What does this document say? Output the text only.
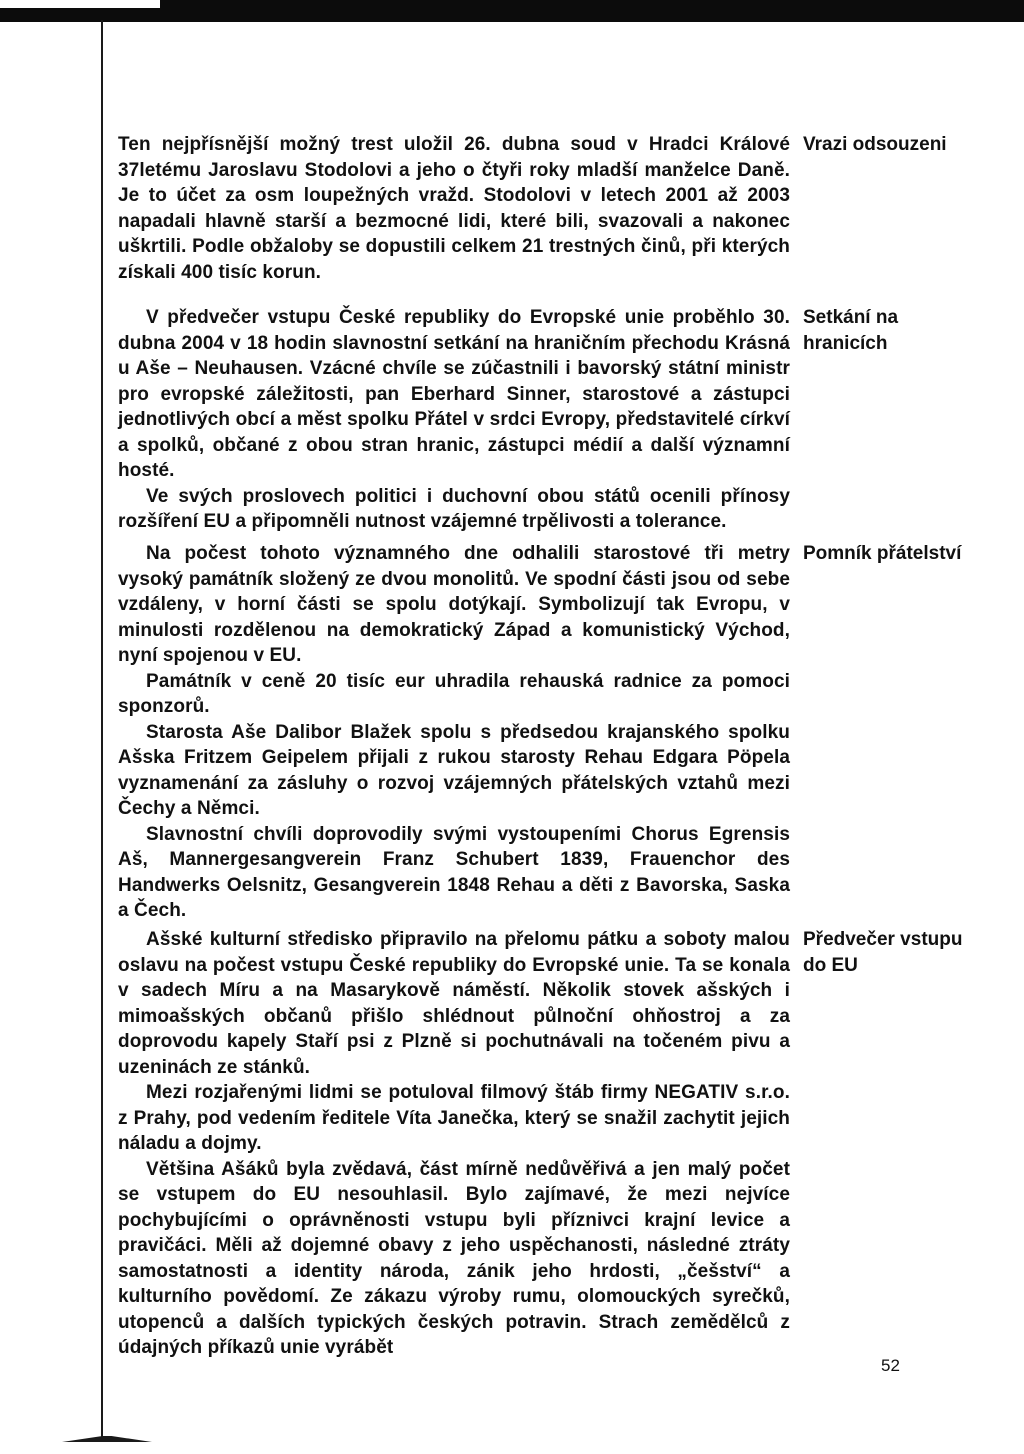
Ten nejpřísnější možný trest uložil 26. dubna soud v Hradci Králové 37letému Jaroslavu Stodolovi a jeho o čtyři roky mladší manželce Daně. Je to účet za osm loupežných vražd. Stodolovi v letech 2001 až 2003 napadali hlavně starší a bezmocné lidi, které bili, svazovali a nakonec uškrtili. Podle obžaloby se dopustili celkem 21 trestných činů, při kterých získali 400 tisíc korun.

Vrazi odsouzeni

V předvečer vstupu České republiky do Evropské unie proběhlo 30. dubna 2004 v 18 hodin slavnostní setkání na hraničním přechodu Krásná u Aše – Neuhausen. Vzácné chvíle se zúčastnili i bavorský státní ministr pro evropské záležitosti, pan Eberhard Sinner, starostové a zástupci jednotlivých obcí a měst spolku Přátel v srdci Evropy, představitelé církví a spolků, občané z obou stran hranic, zástupci médií a další významní hosté.

Ve svých proslovech politici i duchovní obou států ocenili přínosy rozšíření EU a připomněli nutnost vzájemné trpělivosti a tolerance.

Setkání na hranicích

Na počest tohoto významného dne odhalili starostové tři metry vysoký památník složený ze dvou monolitů. Ve spodní části jsou od sebe vzdáleny, v horní části se spolu dotýkají. Symbolizují tak Evropu, v minulosti rozdělenou na demokratický Západ a komunistický Východ, nyní spojenou v EU.

Památník v ceně 20 tisíc eur uhradila rehauská radnice za pomoci sponzorů.

Starosta Aše Dalibor Blažek spolu s předsedou krajanského spolku Ašska Fritzem Geipelem přijali z rukou starosty Rehau Edgara Pöpela vyznamenání za zásluhy o rozvoj vzájemných přátelských vztahů mezi Čechy a Němci.

Slavnostní chvíli doprovodily svými vystoupeními Chorus Egrensis Aš, Mannergesangverein Franz Schubert 1839, Frauenchor des Handwerks Oelsnitz, Gesangverein 1848 Rehau a děti z Bavorska, Saska a Čech.

Pomník přátelství

Ašské kulturní středisko připravilo na přelomu pátku a soboty malou oslavu na počest vstupu České republiky do Evropské unie. Ta se konala v sadech Míru a na Masarykově náměstí. Několik stovek ašských i mimoašských občanů přišlo shlédnout půlnoční ohňostroj a za doprovodu kapely Staří psi z Plzně si pochutnávali na točeném pivu a uzeninách ze stánků.

Mezi rozjařenými lidmi se potuloval filmový štáb firmy NEGATIV s.r.o. z Prahy, pod vedením ředitele Víta Janečka, který se snažil zachytit jejich náladu a dojmy.

Většina Ašáků byla zvědavá, část mírně nedůvěřivá a jen malý počet se vstupem do EU nesouhlasil. Bylo zajímavé, že mezi nejvíce pochybujícími o oprávněnosti vstupu byli příznivci krajní levice a pravičáci. Měli až dojemné obavy z jeho uspěchanosti, následné ztráty samostatnosti a identity národa, zánik jeho hrdosti, „češství“ a kulturního povědomí. Ze zákazu výroby rumu, olomouckých syrečků, utopenců a dalších typických českých potravin. Strach zemědělců z údajných příkazů unie vyrábět

Předvečer vstupu do EU
52
